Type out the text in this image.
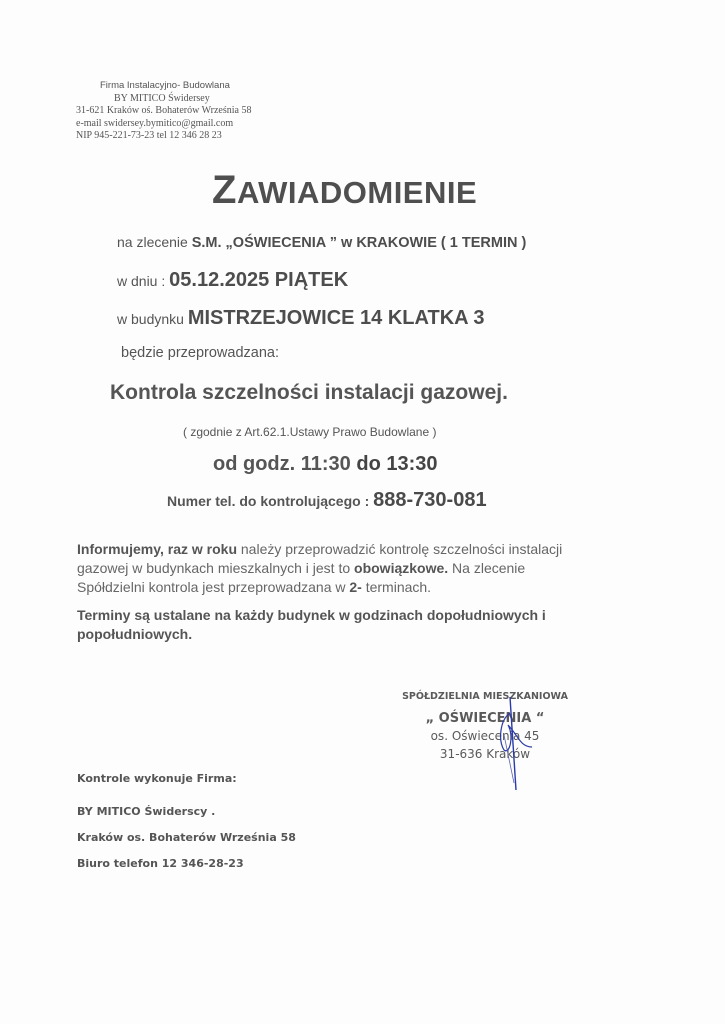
Firma Instalacyjno- Budowlana
BY MITICO Świdersey
31-621 Kraków oś. Bohaterów Września 58
e-mail swidersey.bymitico@gmail.com
NIP 945-221-73-23 tel 12 346 28 23
ZAWIADOMIENIE
na zlecenie S.M. „OŚWIECENIA ” w KRAKOWIE ( 1 TERMIN )
w dniu : 05.12.2025 PIĄTEK
w budynku MISTRZEJOWICE 14 KLATKA 3
będzie przeprowadzana:
Kontrola szczelności instalacji gazowej.
( zgodnie z Art.62.1.Ustawy Prawo Budowlane )
od godz. 11:30 do 13:30
Numer tel. do kontrolującego : 888-730-081
Informujemy, raz w roku należy przeprowadzić kontrolę szczelności instalacji
gazowej w budynkach mieszkalnych i jest to obowiązkowe. Na zlecenie
Spółdzielni kontrola jest przeprowadzana w 2- terminach.
Terminy są ustalane na każdy budynek w godzinach dopołudniowych i
popołudniowych.
SPÓŁDZIELNIA MIESZKANIOWA
„ OŚWIECENIA “
os. Oświecenia 45
31-636 Kraków
Kontrole wykonuje Firma:
BY MITICO Świderscy .
Kraków os. Bohaterów Września 58
Biuro telefon 12 346-28-23
